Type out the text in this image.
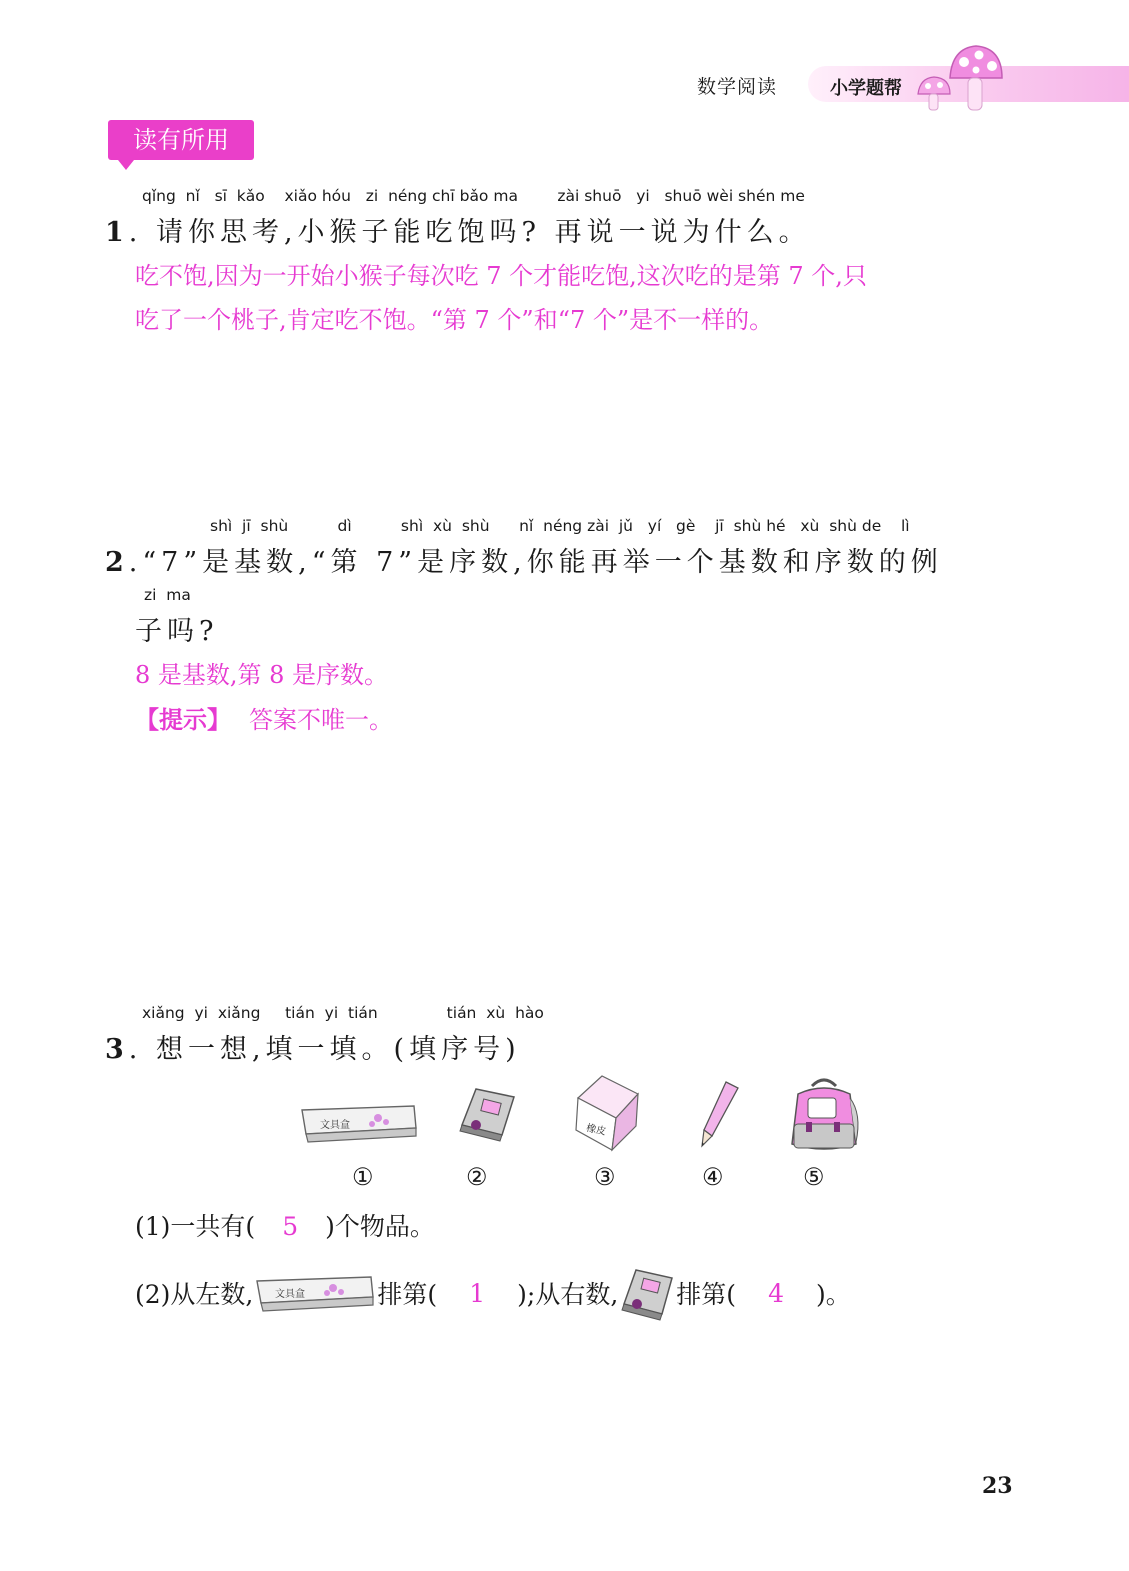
数学阅读	小学题帮
读有所用
qǐng  nǐ   sī  kǎo    xiǎo hóu   zi  néng chī bǎo ma        zài shuō   yi   shuō wèi shén me
1. 请你思考,小猴子能吃饱吗? 再说一说为什么。
吃不饱,因为一开始小猴子每次吃 7 个才能吃饱,这次吃的是第 7 个,只
吃了一个桃子,肯定吃不饱。“第 7 个”和“7 个”是不一样的。
shì  jī  shù          dì          shì  xù  shù      nǐ  néng zài  jǔ   yí   gè    jī  shù hé   xù  shù de    lì
2.“7”是基数,“第 7”是序数,你能再举一个基数和序数的例
zi  ma
子吗?
8 是基数,第 8 是序数。
【提示】 答案不唯一。
xiǎng  yi  xiǎng     tián  yi  tián              tián  xù  hào
3. 想一想,填一填。(填序号)
文具盒	橡皮
①	②	③	④	⑤
(1)一共有( 5 )个物品。
(2)从左数, 文具盒	排第(	1	);从右数, 排第(	4	)。
23
